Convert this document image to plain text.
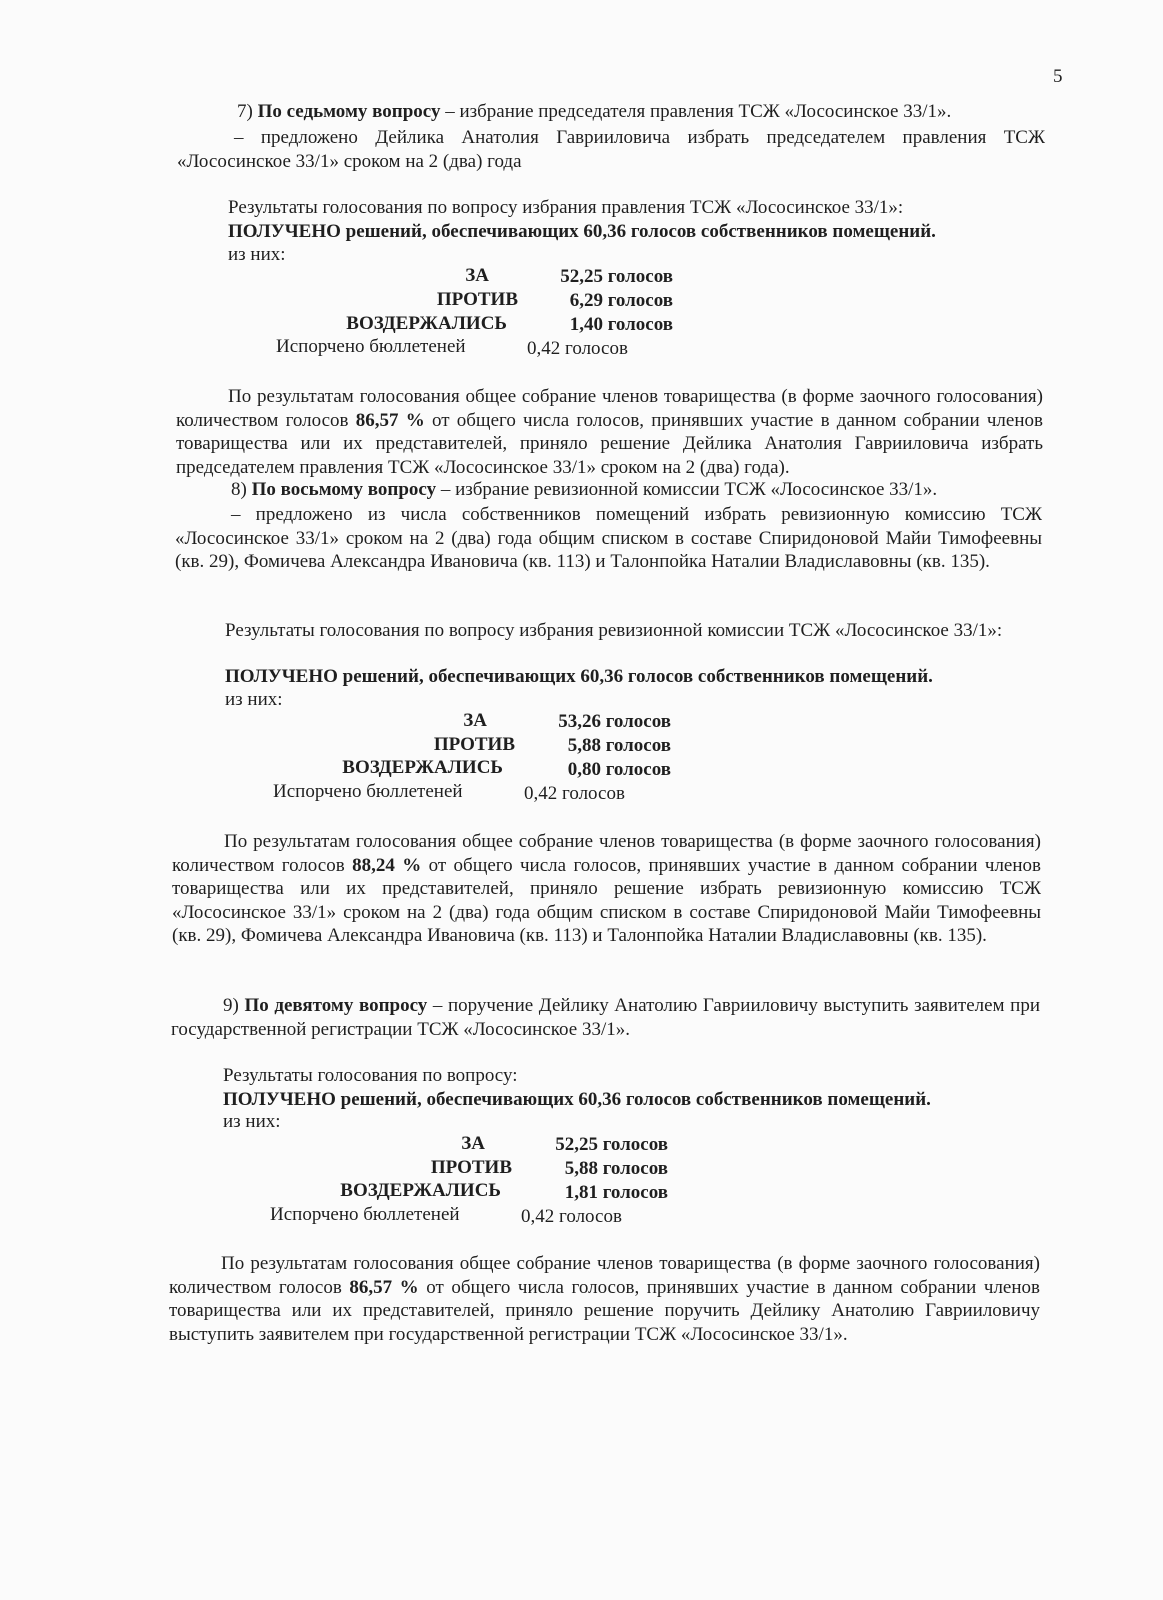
5
7) По седьмому вопросу – избрание председателя правления ТСЖ «Лососинское 33/1».
– предложено Дейлика Анатолия Гаврииловича избрать председателем правления ТСЖ «Лососинское 33/1» сроком на 2 (два) года
Результаты голосования по вопросу избрания правления ТСЖ «Лососинское 33/1»:
ПОЛУЧЕНО решений, обеспечивающих 60,36 голосов собственников помещений.
из них:
ЗА	52,25 голосов
ПРОТИВ	6,29 голосов
ВОЗДЕРЖАЛИСЬ	1,40 голосов
Испорчено бюллетеней	0,42 голосов
По результатам голосования общее собрание членов товарищества (в форме заочного голосования) количеством голосов 86,57 % от общего числа голосов, принявших участие в данном собрании членов товарищества или их представителей, приняло решение Дейлика Анатолия Гаврииловича избрать председателем правления ТСЖ «Лососинское 33/1» сроком на 2 (два) года).
8) По восьмому вопросу – избрание ревизионной комиссии ТСЖ «Лососинское 33/1».
– предложено из числа собственников помещений избрать ревизионную комиссию ТСЖ «Лососинское 33/1» сроком на 2 (два) года общим списком в составе Спиридоновой Майи Тимофеевны (кв. 29), Фомичева Александра Ивановича (кв. 113) и Талонпойка Наталии Владиславовны (кв. 135).
Результаты голосования по вопросу избрания ревизионной комиссии ТСЖ «Лососинское 33/1»:
ПОЛУЧЕНО решений, обеспечивающих 60,36 голосов собственников помещений.
из них:
ЗА	53,26 голосов
ПРОТИВ	5,88 голосов
ВОЗДЕРЖАЛИСЬ	0,80 голосов
Испорчено бюллетеней	0,42 голосов
По результатам голосования общее собрание членов товарищества (в форме заочного голосования) количеством голосов 88,24 % от общего числа голосов, принявших участие в данном собрании членов товарищества или их представителей, приняло решение избрать ревизионную комиссию ТСЖ «Лососинское 33/1» сроком на 2 (два) года общим списком в составе Спиридоновой Майи Тимофеевны (кв. 29), Фомичева Александра Ивановича (кв. 113) и Талонпойка Наталии Владиславовны (кв. 135).
9) По девятому вопросу – поручение Дейлику Анатолию Гаврииловичу выступить заявителем при государственной регистрации ТСЖ «Лососинское 33/1».
Результаты голосования по вопросу:
ПОЛУЧЕНО решений, обеспечивающих 60,36 голосов собственников помещений.
из них:
ЗА	52,25 голосов
ПРОТИВ	5,88 голосов
ВОЗДЕРЖАЛИСЬ	1,81 голосов
Испорчено бюллетеней	0,42 голосов
По результатам голосования общее собрание членов товарищества (в форме заочного голосования) количеством голосов 86,57 % от общего числа голосов, принявших участие в данном собрании членов товарищества или их представителей, приняло решение поручить Дейлику Анатолию Гаврииловичу выступить заявителем при государственной регистрации ТСЖ «Лососинское 33/1».
